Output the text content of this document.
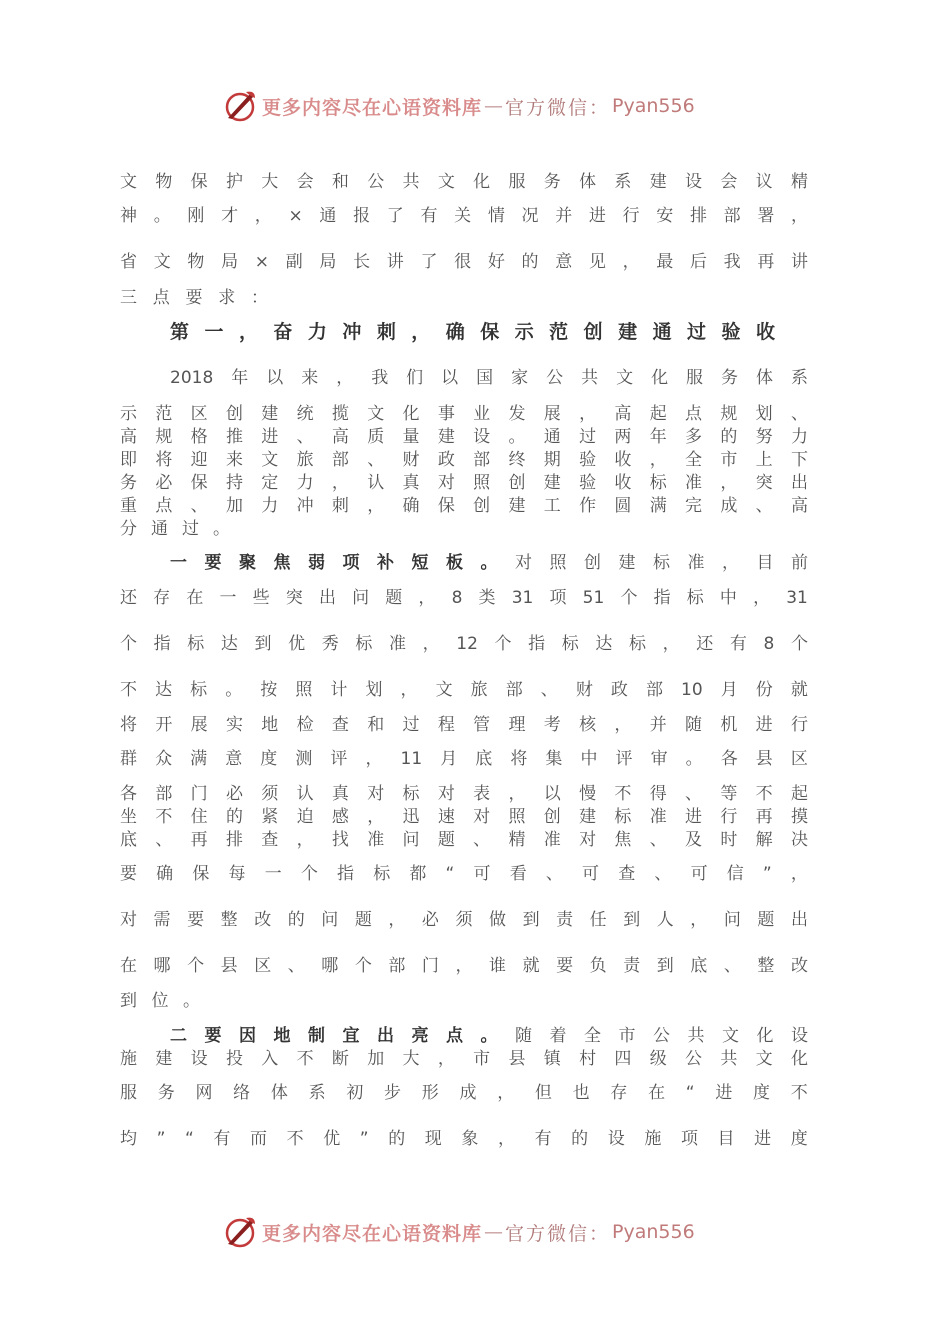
更多内容尽在心语资料库 — 官方微信： Pyan556
文 物 保 护 大 会 和 公 共 文 化 服 务 体 系 建 设 会 议 精
神 。 刚 才 ， × 通 报 了 有 关 情 况 并 进 行 安 排 部 署 ，
省 文 物 局 × 副 局 长 讲 了 很 好 的 意 见 ， 最 后 我 再 讲
三 点 要 求 ：
第 一 ， 奋 力 冲 刺 ， 确 保 示 范 创 建 通 过 验 收
2018 年 以 来 ， 我 们 以 国 家 公 共 文 化 服 务 体 系
示 范 区 创 建 统 揽 文 化 事 业 发 展 ， 高 起 点 规 划 、
高 规 格 推 进 、 高 质 量 建 设 。 通 过 两 年 多 的 努 力
即 将 迎 来 文 旅 部 、 财 政 部 终 期 验 收 ， 全 市 上 下
务 必 保 持 定 力 ， 认 真 对 照 创 建 验 收 标 准 ， 突 出
重 点 、 加 力 冲 刺 ， 确 保 创 建 工 作 圆 满 完 成 、 高
分 通 过 。
一 要 聚 焦 弱 项 补 短 板 。 对 照 创 建 标 准 ， 目 前
还 存 在 一 些 突 出 问 题 ， 8 类 31 项 51 个 指 标 中 ， 31
个 指 标 达 到 优 秀 标 准 ， 12 个 指 标 达 标 ， 还 有 8 个
不 达 标 。 按 照 计 划 ， 文 旅 部 、 财 政 部 10 月 份 就
将 开 展 实 地 检 查 和 过 程 管 理 考 核 ， 并 随 机 进 行
群 众 满 意 度 测 评 ， 11 月 底 将 集 中 评 审 。 各 县 区
各 部 门 必 须 认 真 对 标 对 表 ， 以 慢 不 得 、 等 不 起
坐 不 住 的 紧 迫 感 ， 迅 速 对 照 创 建 标 准 进 行 再 摸
底 、 再 排 查 ， 找 准 问 题 、 精 准 对 焦 、 及 时 解 决
要 确 保 每 一 个 指 标 都 “ 可 看 、 可 查 、 可 信 ” ，
对 需 要 整 改 的 问 题 ， 必 须 做 到 责 任 到 人 ， 问 题 出
在 哪 个 县 区 、 哪 个 部 门 ， 谁 就 要 负 责 到 底 、 整 改
到 位 。
二 要 因 地 制 宜 出 亮 点 。 随 着 全 市 公 共 文 化 设
施 建 设 投 入 不 断 加 大 ， 市 县 镇 村 四 级 公 共 文 化
服 务 网 络 体 系 初 步 形 成 ， 但 也 存 在 “ 进 度 不
均 ” “ 有 而 不 优 ” 的 现 象 ， 有 的 设 施 项 目 进 度
更多内容尽在心语资料库 — 官方微信： Pyan556
